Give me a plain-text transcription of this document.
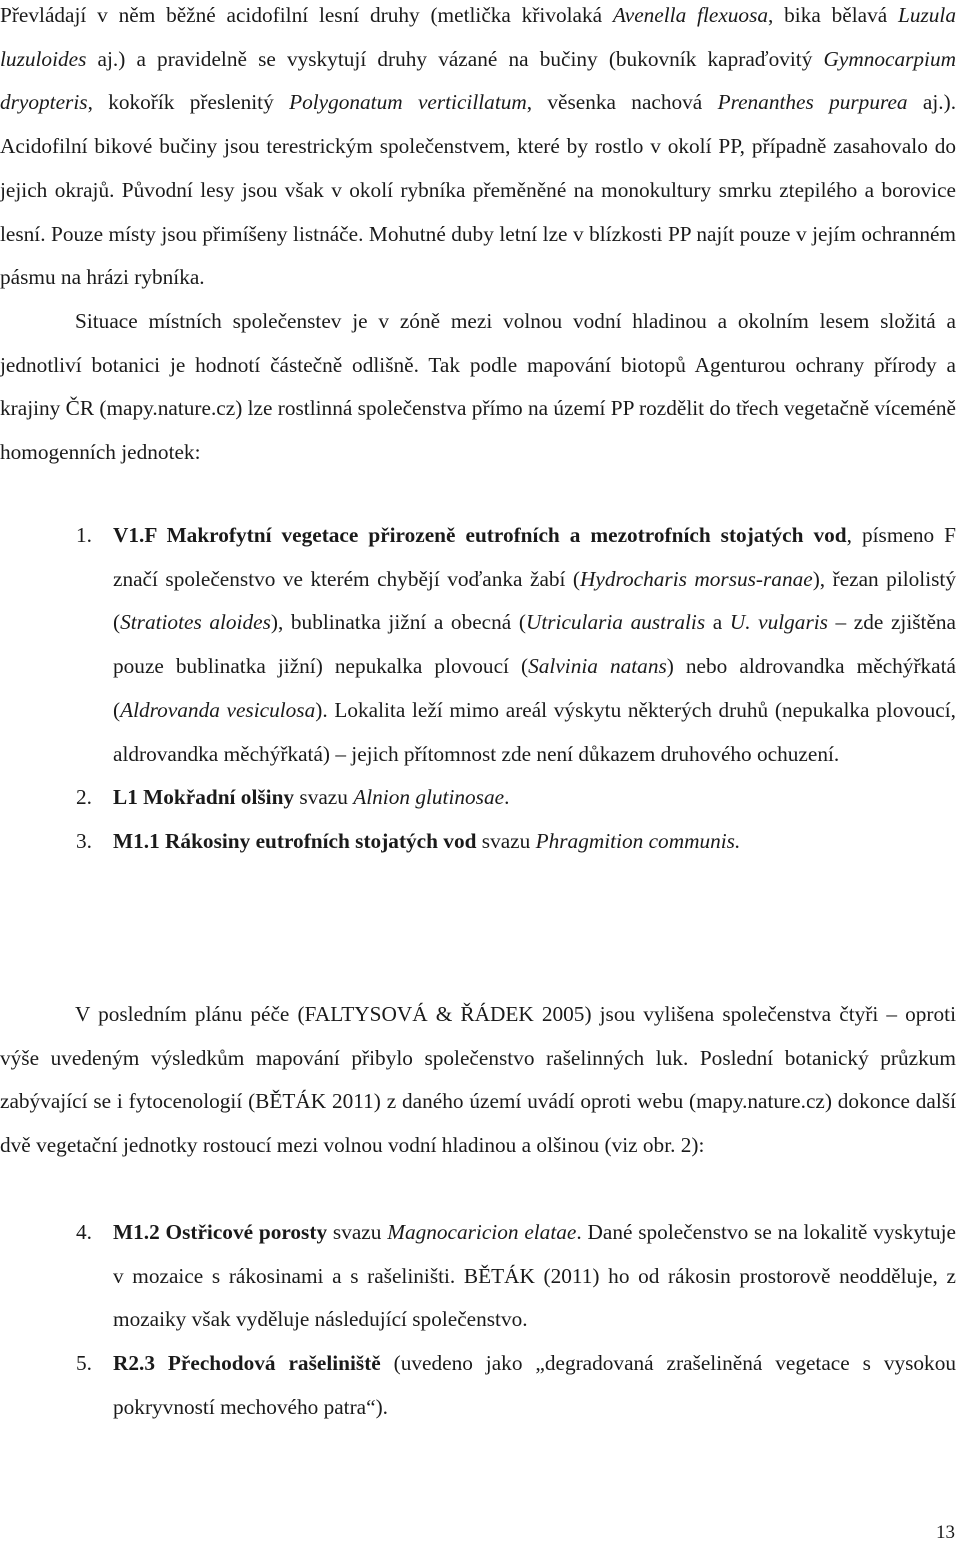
Převládají v něm běžné acidofilní lesní druhy (metlička křivolaká Avenella flexuosa, bika bělavá Luzula luzuloides aj.) a pravidelně se vyskytují druhy vázané na bučiny (bukovník kapraďovitý Gymnocarpium dryopteris, kokořík přeslenitý Polygonatum verticillatum, věsenka nachová Prenanthes purpurea aj.). Acidofilní bikové bučiny jsou terestrickým společenstvem, které by rostlo v okolí PP, případně zasahovalo do jejich okrajů. Původní lesy jsou však v okolí rybníka přeměněné na monokultury smrku ztepilého a borovice lesní. Pouze místy jsou přimíšeny listnáče. Mohutné duby letní lze v blízkosti PP najít pouze v jejím ochranném pásmu na hrázi rybníka.

Situace místních společenstev je v zóně mezi volnou vodní hladinou a okolním lesem složitá a jednotliví botanici je hodnotí částečně odlišně. Tak podle mapování biotopů Agenturou ochrany přírody a krajiny ČR (mapy.nature.cz) lze rostlinná společenstva přímo na území PP rozdělit do třech vegetačně víceméně homogenních jednotek:

1. V1.F Makrofytní vegetace přirozeně eutrofních a mezotrofních stojatých vod, písmeno F značí společenstvo ve kterém chybějí voďanka žabí (Hydrocharis morsus-ranae), řezan pilolistý (Stratiotes aloides), bublinatka jižní a obecná (Utricularia australis a U. vulgaris – zde zjištěna pouze bublinatka jižní) nepukalka plovoucí (Salvinia natans) nebo aldrovandka měchýřkatá (Aldrovanda vesiculosa). Lokalita leží mimo areál výskytu některých druhů (nepukalka plovoucí, aldrovandka měchýřkatá) – jejich přítomnost zde není důkazem druhového ochuzení.

2. L1 Mokřadní olšiny svazu Alnion glutinosae.

3. M1.1 Rákosiny eutrofních stojatých vod svazu Phragmition communis.

V posledním plánu péče (FALTYSOVÁ & ŘÁDEK 2005) jsou vylišena společenstva čtyři – oproti výše uvedeným výsledkům mapování přibylo společenstvo rašelinných luk. Poslední botanický průzkum zabývající se i fytocenologií (BĚTÁK 2011) z daného území uvádí oproti webu (mapy.nature.cz) dokonce další dvě vegetační jednotky rostoucí mezi volnou vodní hladinou a olšinou (viz obr. 2):

4. M1.2 Ostřicové porosty svazu Magnocaricion elatae. Dané společenstvo se na lokalitě vyskytuje v mozaice s rákosinami a s rašeliništi. BĚTÁK (2011) ho od rákosin prostorově neodděluje, z mozaiky však vyděluje následující společenstvo.

5. R2.3 Přechodová rašeliniště (uvedeno jako „degradovaná zrašeliněná vegetace s vysokou pokryvností mechového patra“).

13
